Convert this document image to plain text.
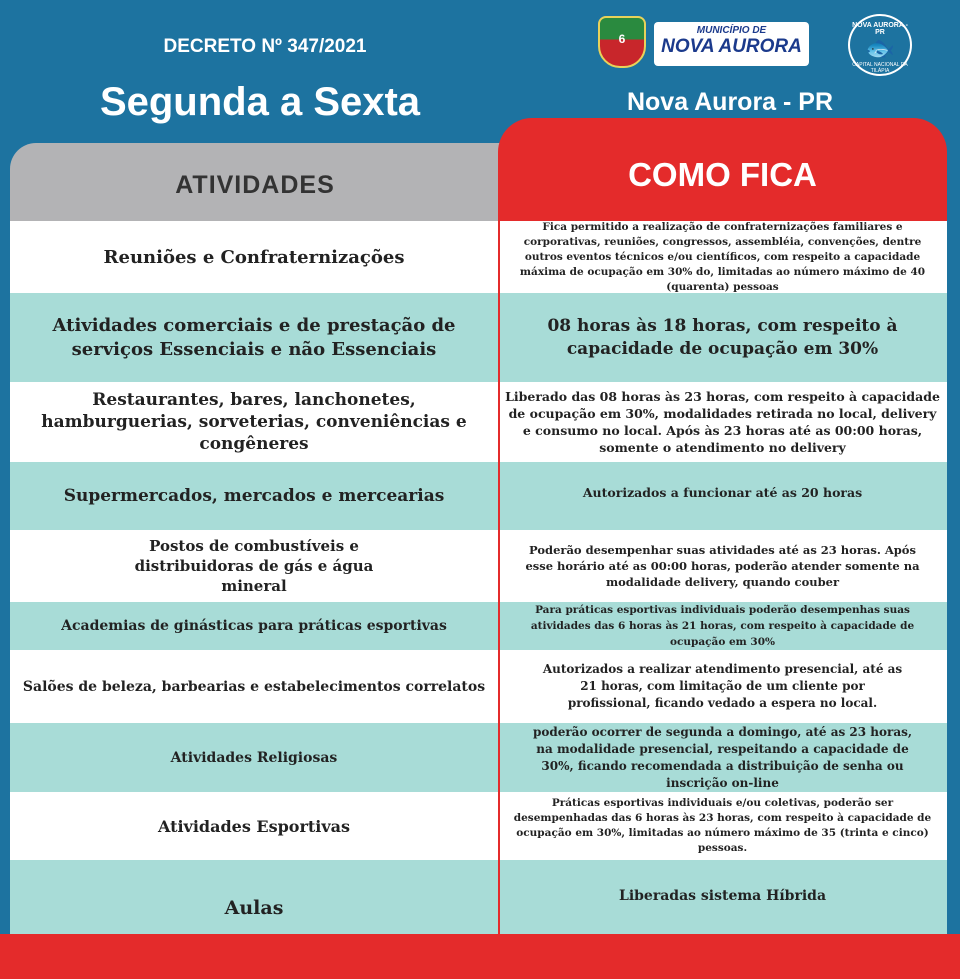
DECRETO Nº 347/2021
Segunda a Sexta
6
MUNICÍPIO DE
NOVA AURORA
NOVA AURORA - PR
🐟
CAPITAL NACIONAL DA TILÁPIA
Nova Aurora - PR
ATIVIDADES	COMO FICA
Reuniões e Confraternizações
Fica permitido a realização de confraternizações familiares e corporativas, reuniões, congressos, assembléia, convenções, dentre outros eventos técnicos e/ou científicos, com respeito a capacidade máxima de ocupação em 30% do, limitadas ao número máximo de 40 (quarenta) pessoas
Atividades comerciais e de prestação de serviços Essenciais e não Essenciais
08 horas às 18 horas, com respeito à capacidade de ocupação em 30%
Restaurantes, bares, lanchonetes, hamburguerias, sorveterias, conveniências e congêneres
Liberado das 08 horas às 23 horas, com respeito à capacidade de ocupação em 30%, modalidades retirada no local, delivery e consumo no local. Após às 23 horas até as 00:00 horas, somente o atendimento no delivery
Supermercados, mercados e mercearias	Autorizados a funcionar até as 20 horas
Postos de combustíveis e distribuidoras de gás e água mineral
Poderão desempenhar suas atividades até as 23 horas. Após esse horário até as 00:00 horas, poderão atender somente na modalidade delivery, quando couber
Academias de ginásticas para práticas esportivas
Para práticas esportivas individuais poderão desempenhas suas atividades das 6 horas às 21 horas, com respeito à capacidade de ocupação em 30%
Salões de beleza, barbearias e estabelecimentos correlatos
Autorizados a realizar atendimento presencial, até as 21 horas, com limitação de um cliente por profissional, ficando vedado a espera no local.
Atividades Religiosas
poderão ocorrer de segunda a domingo, até as 23 horas, na modalidade presencial, respeitando a capacidade de 30%, ficando recomendada a distribuição de senha ou inscrição on-line
Atividades Esportivas
Práticas esportivas individuais e/ou coletivas, poderão ser desempenhadas das 6 horas às 23 horas, com respeito à capacidade de ocupação em 30%, limitadas ao número máximo de 35 (trinta e cinco) pessoas.
Aulas
Liberadas sistema Híbrida
